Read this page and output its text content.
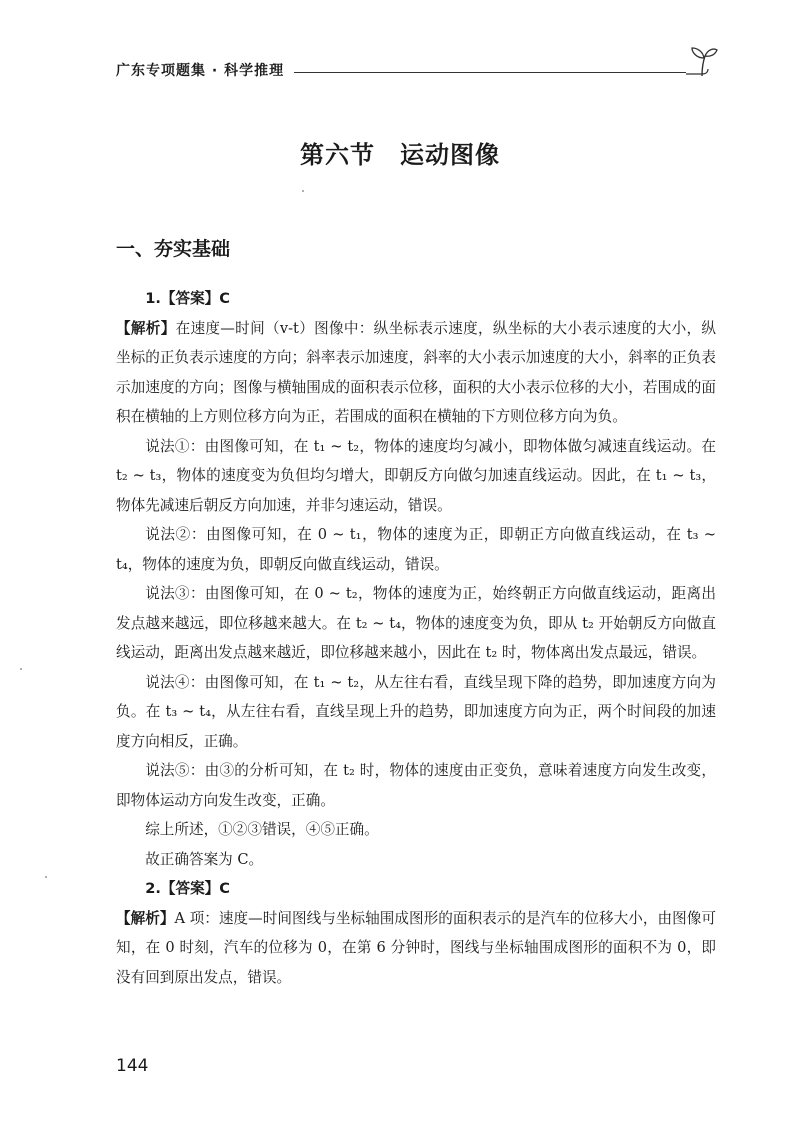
广东专项题集 · 科学推理
第六节　运动图像
一、夯实基础

1.【答案】C

【解析】在速度—时间（v-t）图像中：纵坐标表示速度，纵坐标的大小表示速度的大小，纵坐标的正负表示速度的方向；斜率表示加速度，斜率的大小表示加速度的大小，斜率的正负表示加速度的方向；图像与横轴围成的面积表示位移，面积的大小表示位移的大小，若围成的面积在横轴的上方则位移方向为正，若围成的面积在横轴的下方则位移方向为负。

说法①：由图像可知，在 t₁ ~ t₂，物体的速度均匀减小，即物体做匀减速直线运动。在 t₂ ~ t₃，物体的速度变为负但均匀增大，即朝反方向做匀加速直线运动。因此，在 t₁ ~ t₃，物体先减速后朝反方向加速，并非匀速运动，错误。

说法②：由图像可知，在 0 ~ t₁，物体的速度为正，即朝正方向做直线运动，在 t₃ ~ t₄，物体的速度为负，即朝反向做直线运动，错误。

说法③：由图像可知，在 0 ~ t₂，物体的速度为正，始终朝正方向做直线运动，距离出发点越来越远，即位移越来越大。在 t₂ ~ t₄，物体的速度变为负，即从 t₂ 开始朝反方向做直线运动，距离出发点越来越近，即位移越来越小，因此在 t₂ 时，物体离出发点最远，错误。

说法④：由图像可知，在 t₁ ~ t₂，从左往右看，直线呈现下降的趋势，即加速度方向为负。在 t₃ ~ t₄，从左往右看，直线呈现上升的趋势，即加速度方向为正，两个时间段的加速度方向相反，正确。

说法⑤：由③的分析可知，在 t₂ 时，物体的速度由正变负，意味着速度方向发生改变，即物体运动方向发生改变，正确。

综上所述，①②③错误，④⑤正确。

故正确答案为 C。

2.【答案】C

【解析】A 项：速度—时间图线与坐标轴围成图形的面积表示的是汽车的位移大小，由图像可知，在 0 时刻，汽车的位移为 0，在第 6 分钟时，图线与坐标轴围成图形的面积不为 0，即没有回到原出发点，错误。

144
